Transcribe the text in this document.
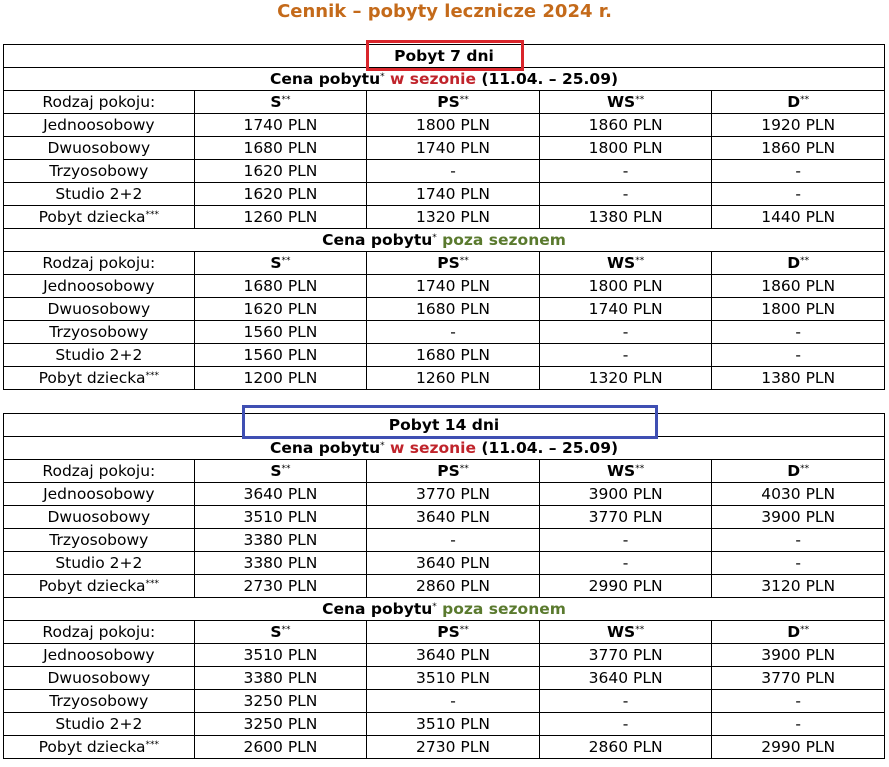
Cennik – pobyty lecznicze 2024 r.
Pobyt 7 dni				
Cena pobytu* w sezonie (11.04. – 25.09)				
Rodzaj pokoju:	S**	PS**	WS**	D**
Jednoosobowy	1740 PLN	1800 PLN	1860 PLN	1920 PLN
Dwuosobowy	1680 PLN	1740 PLN	1800 PLN	1860 PLN
Trzyosobowy	1620 PLN	-	-	-
Studio 2+2	1620 PLN	1740 PLN	-	-
Pobyt dziecka***	1260 PLN	1320 PLN	1380 PLN	1440 PLN
Cena pobytu* poza sezonem				
Rodzaj pokoju:	S**	PS**	WS**	D**
Jednoosobowy	1680 PLN	1740 PLN	1800 PLN	1860 PLN
Dwuosobowy	1620 PLN	1680 PLN	1740 PLN	1800 PLN
Trzyosobowy	1560 PLN	-	-	-
Studio 2+2	1560 PLN	1680 PLN	-	-
Pobyt dziecka***	1200 PLN	1260 PLN	1320 PLN	1380 PLN
Pobyt 14 dni				
Cena pobytu* w sezonie (11.04. – 25.09)				
Rodzaj pokoju:	S**	PS**	WS**	D**
Jednoosobowy	3640 PLN	3770 PLN	3900 PLN	4030 PLN
Dwuosobowy	3510 PLN	3640 PLN	3770 PLN	3900 PLN
Trzyosobowy	3380 PLN	-	-	-
Studio 2+2	3380 PLN	3640 PLN	-	-
Pobyt dziecka***	2730 PLN	2860 PLN	2990 PLN	3120 PLN
Cena pobytu* poza sezonem				
Rodzaj pokoju:	S**	PS**	WS**	D**
Jednoosobowy	3510 PLN	3640 PLN	3770 PLN	3900 PLN
Dwuosobowy	3380 PLN	3510 PLN	3640 PLN	3770 PLN
Trzyosobowy	3250 PLN	-	-	-
Studio 2+2	3250 PLN	3510 PLN	-	-
Pobyt dziecka***	2600 PLN	2730 PLN	2860 PLN	2990 PLN
